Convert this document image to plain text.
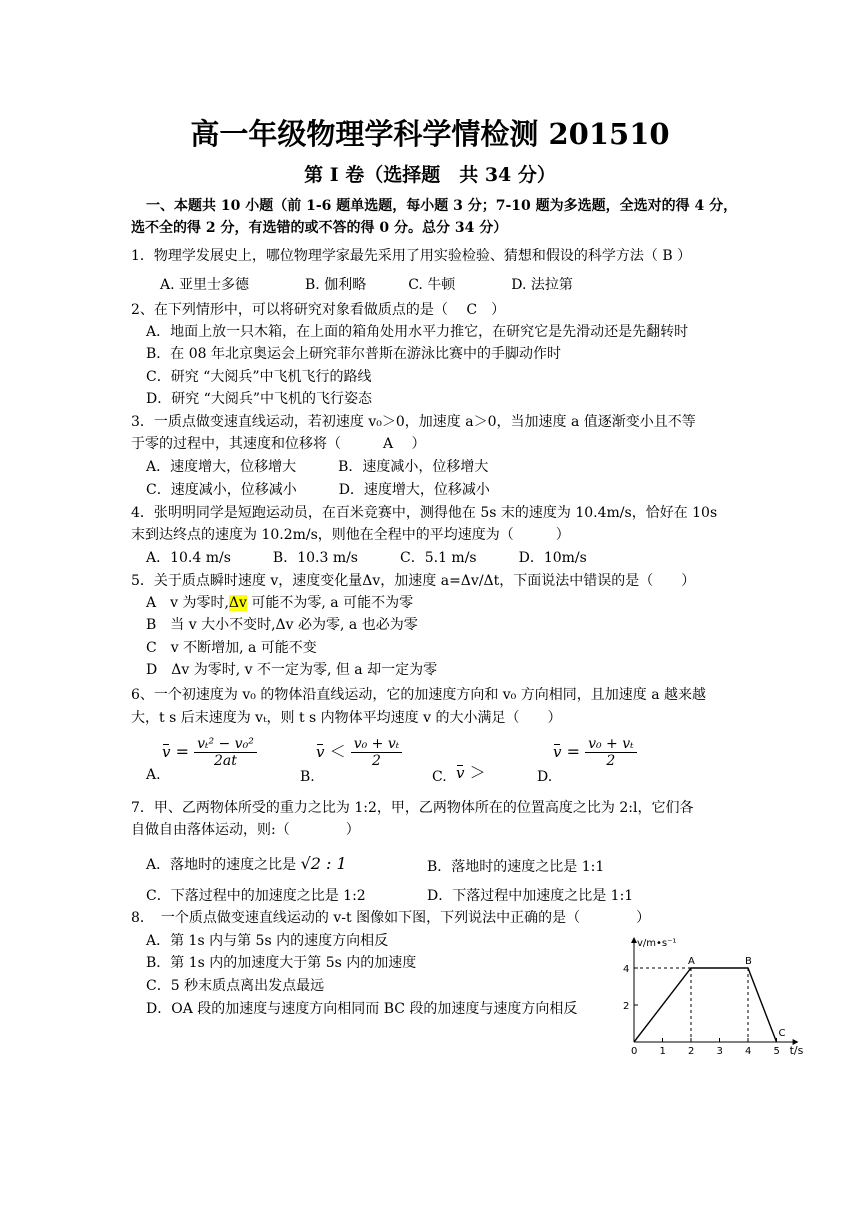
高一年级物理学科学情检测 201510
第 I 卷（选择题　共 34 分）
一、本题共 10 小题（前 1-6 题单选题，每小题 3 分；7-10 题为多选题，全选对的得 4 分，
选不全的得 2 分，有选错的或不答的得 0 分。总分 34 分）
1．物理学发展史上，哪位物理学家最先采用了用实验检验、猜想和假设的科学方法（ B ）
A. 亚里士多德　　　　B. 伽利略　　　C. 牛顿　　　　D. 法拉第
2、在下列情形中，可以将研究对象看做质点的是（　 C　）
A．地面上放一只木箱，在上面的箱角处用水平力推它，在研究它是先滑动还是先翻转时
B．在 08 年北京奥运会上研究菲尔普斯在游泳比赛中的手脚动作时
C．研究 “大阅兵”中飞机飞行的路线
D．研究 “大阅兵”中飞机的飞行姿态
3．一质点做变速直线运动，若初速度 v₀＞0，加速度 a＞0，当加速度 a 值逐渐变小且不等
于零的过程中，其速度和位移将（　　　A　 ）
A．速度增大，位移增大　　　B．速度减小，位移增大
C．速度减小，位移减小　　　D．速度增大，位移减小
4．张明明同学是短跑运动员，在百米竞赛中，测得他在 5s 末的速度为 10.4m/s，恰好在 10s
末到达终点的速度为 10.2m/s，则他在全程中的平均速度为（　　　）
A．10.4 m/s　　　B．10.3 m/s　　　C．5.1 m/s　　　D．10m/s
5．关于质点瞬时速度 v，速度变化量Δv，加速度 a=Δv/Δt，下面说法中错误的是（　　）
A　v 为零时,Δv 可能不为零, a 可能不为零
B　当 v 大小不变时,Δv 必为零, a 也必为零
C　v 不断增加, a 可能不变
D　Δv 为零时, v 不一定为零, 但 a 却一定为零
6、一个初速度为 v₀ 的物体沿直线运动，它的加速度方向和 v₀ 方向相同，且加速度 a 越来越
大，t s 后末速度为 vₜ，则 t s 内物体平均速度 v 的大小满足（　　）
A.
$v = \frac{\text{vₜ² − v₀²}}{2at}$
B.
$v < \frac{\text{v₀ + vₜ}}{2}$
C. v ＞	D.
$v = \frac{\text{v₀ + vₜ}}{2}$
7．甲、乙两物体所受的重力之比为 1:2，甲，乙两物体所在的位置高度之比为 2:l，它们各
自做自由落体运动，则:（　　　　）
A．落地时的速度之比是 √2 : 1	B．落地时的速度之比是 1:1
C．下落过程中的加速度之比是 1:2	D．下落过程中加速度之比是 1:1
8．　一个质点做变速直线运动的 v-t 图像如下图，下列说法中正确的是（　　　　）
A．第 1s 内与第 5s 内的速度方向相反
B．第 1s 内的加速度大于第 5s 内的加速度
C．5 秒末质点离出发点最远
D．OA 段的加速度与速度方向相同而 BC 段的加速度与速度方向相反
v/m•s⁻¹
t/s
0 1 2 3 4 5
2
4
A	B
C
